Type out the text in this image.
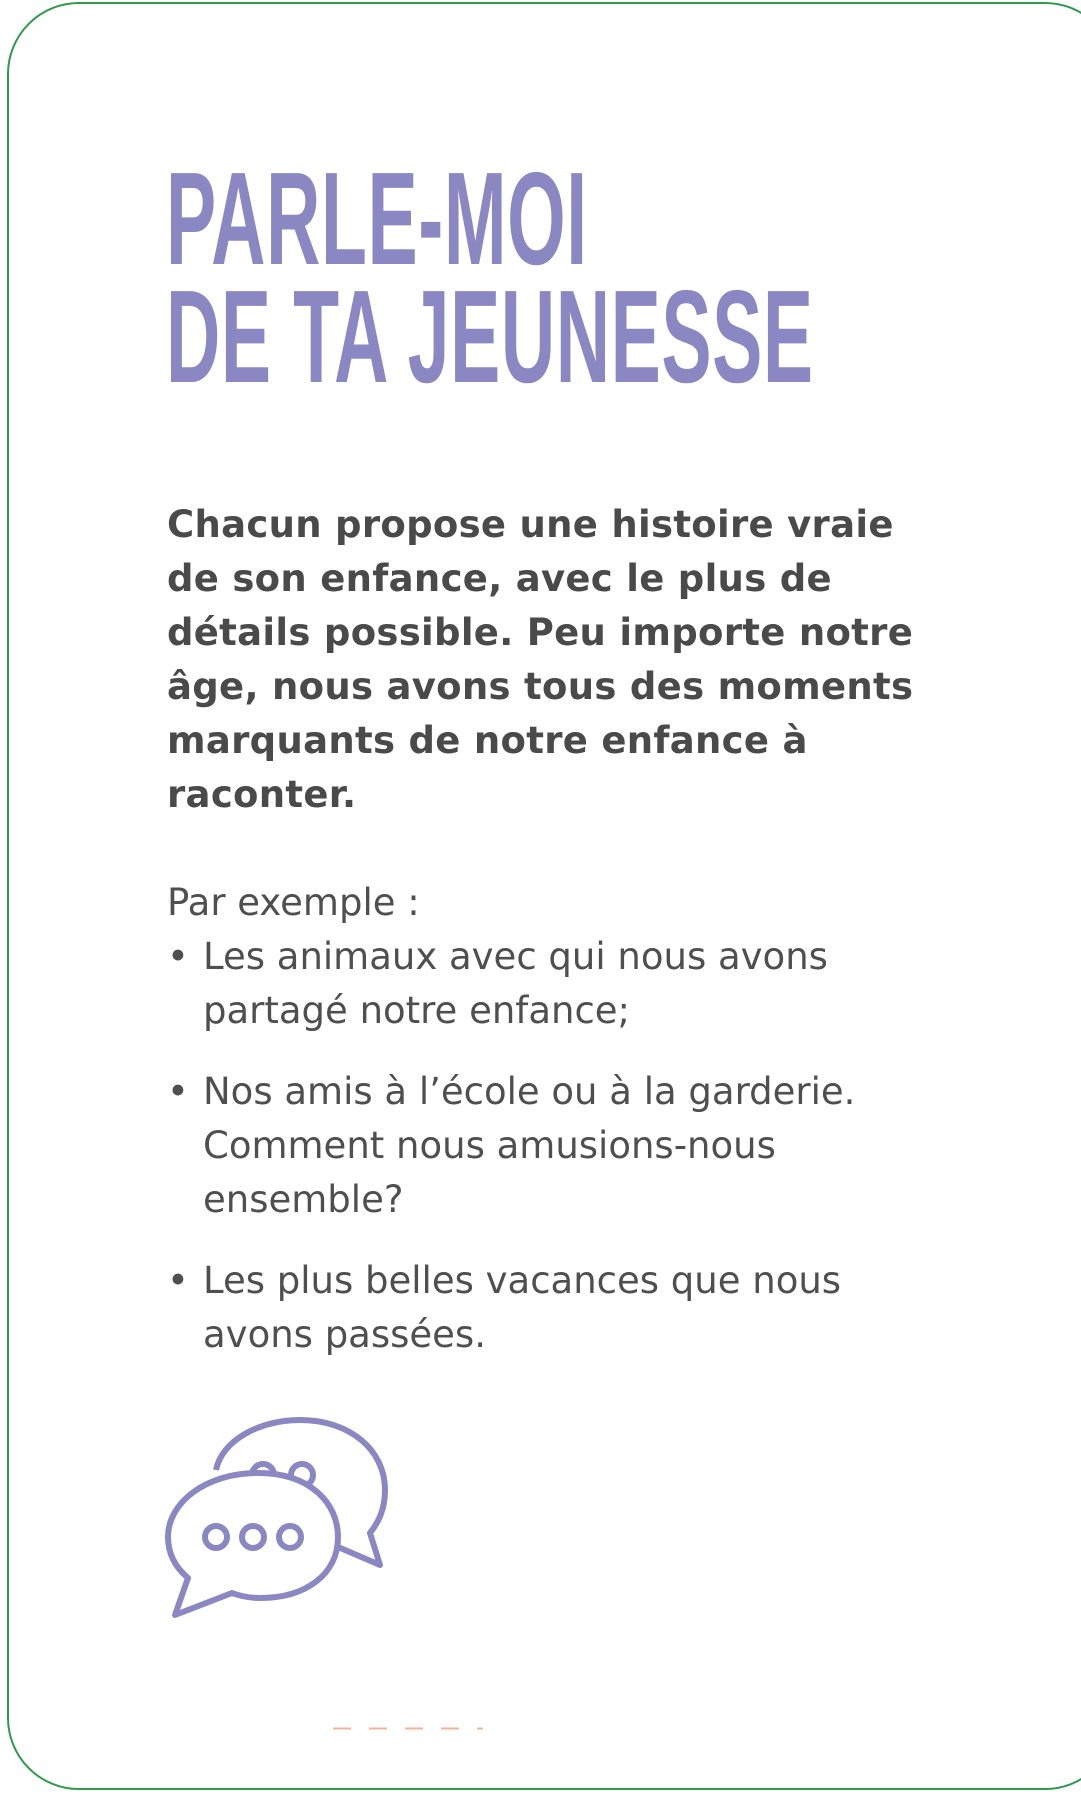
PARLE-MOI
DE TA JEUNESSE

Chacun propose une histoire vraie de son enfance, avec le plus de détails possible. Peu importe notre âge, nous avons tous des moments marquants de notre enfance à raconter.

Par exemple :

• Les animaux avec qui nous avons partagé notre enfance;
• Nos amis à l’école ou à la garderie. Comment nous amusions-nous ensemble?
• Les plus belles vacances que nous avons passées.
